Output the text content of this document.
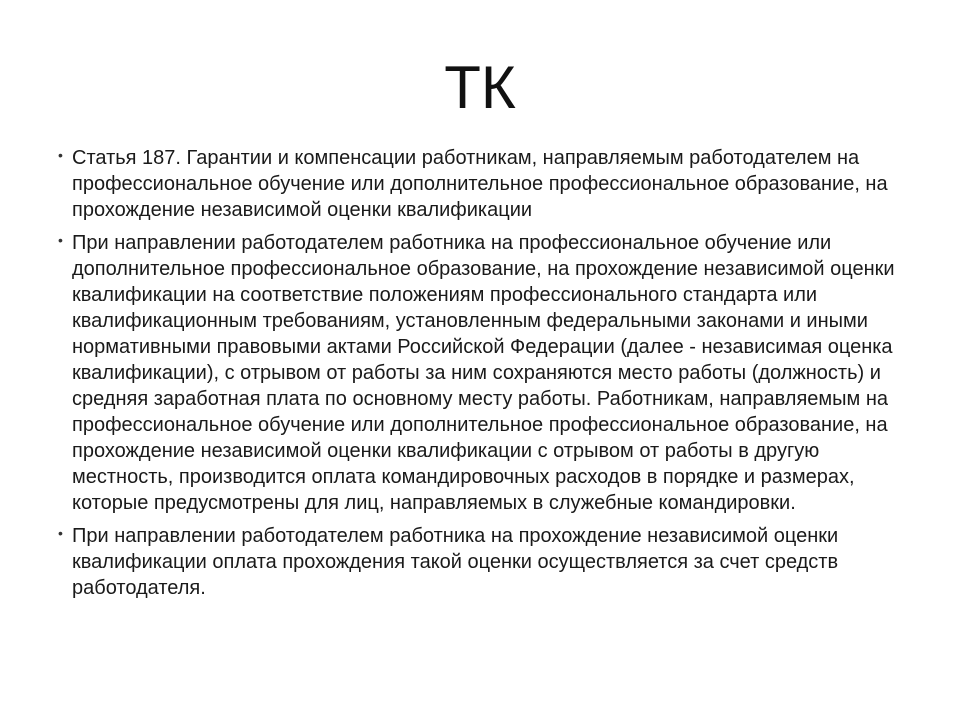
ТК
• Статья 187. Гарантии и компенсации работникам, направляемым работодателем на профессиональное обучение или дополнительное профессиональное образование, на прохождение независимой оценки квалификации
• При направлении работодателем работника на профессиональное обучение или дополнительное профессиональное образование, на прохождение независимой оценки квалификации на соответствие положениям профессионального стандарта или квалификационным требованиям, установленным федеральными законами и иными нормативными правовыми актами Российской Федерации (далее - независимая оценка квалификации), с отрывом от работы за ним сохраняются место работы (должность) и средняя заработная плата по основному месту работы. Работникам, направляемым на профессиональное обучение или дополнительное профессиональное образование, на прохождение независимой оценки квалификации с отрывом от работы в другую местность, производится оплата командировочных расходов в порядке и размерах, которые предусмотрены для лиц, направляемых в служебные командировки.
• При направлении работодателем работника на прохождение независимой оценки квалификации оплата прохождения такой оценки осуществляется за счет средств работодателя.
